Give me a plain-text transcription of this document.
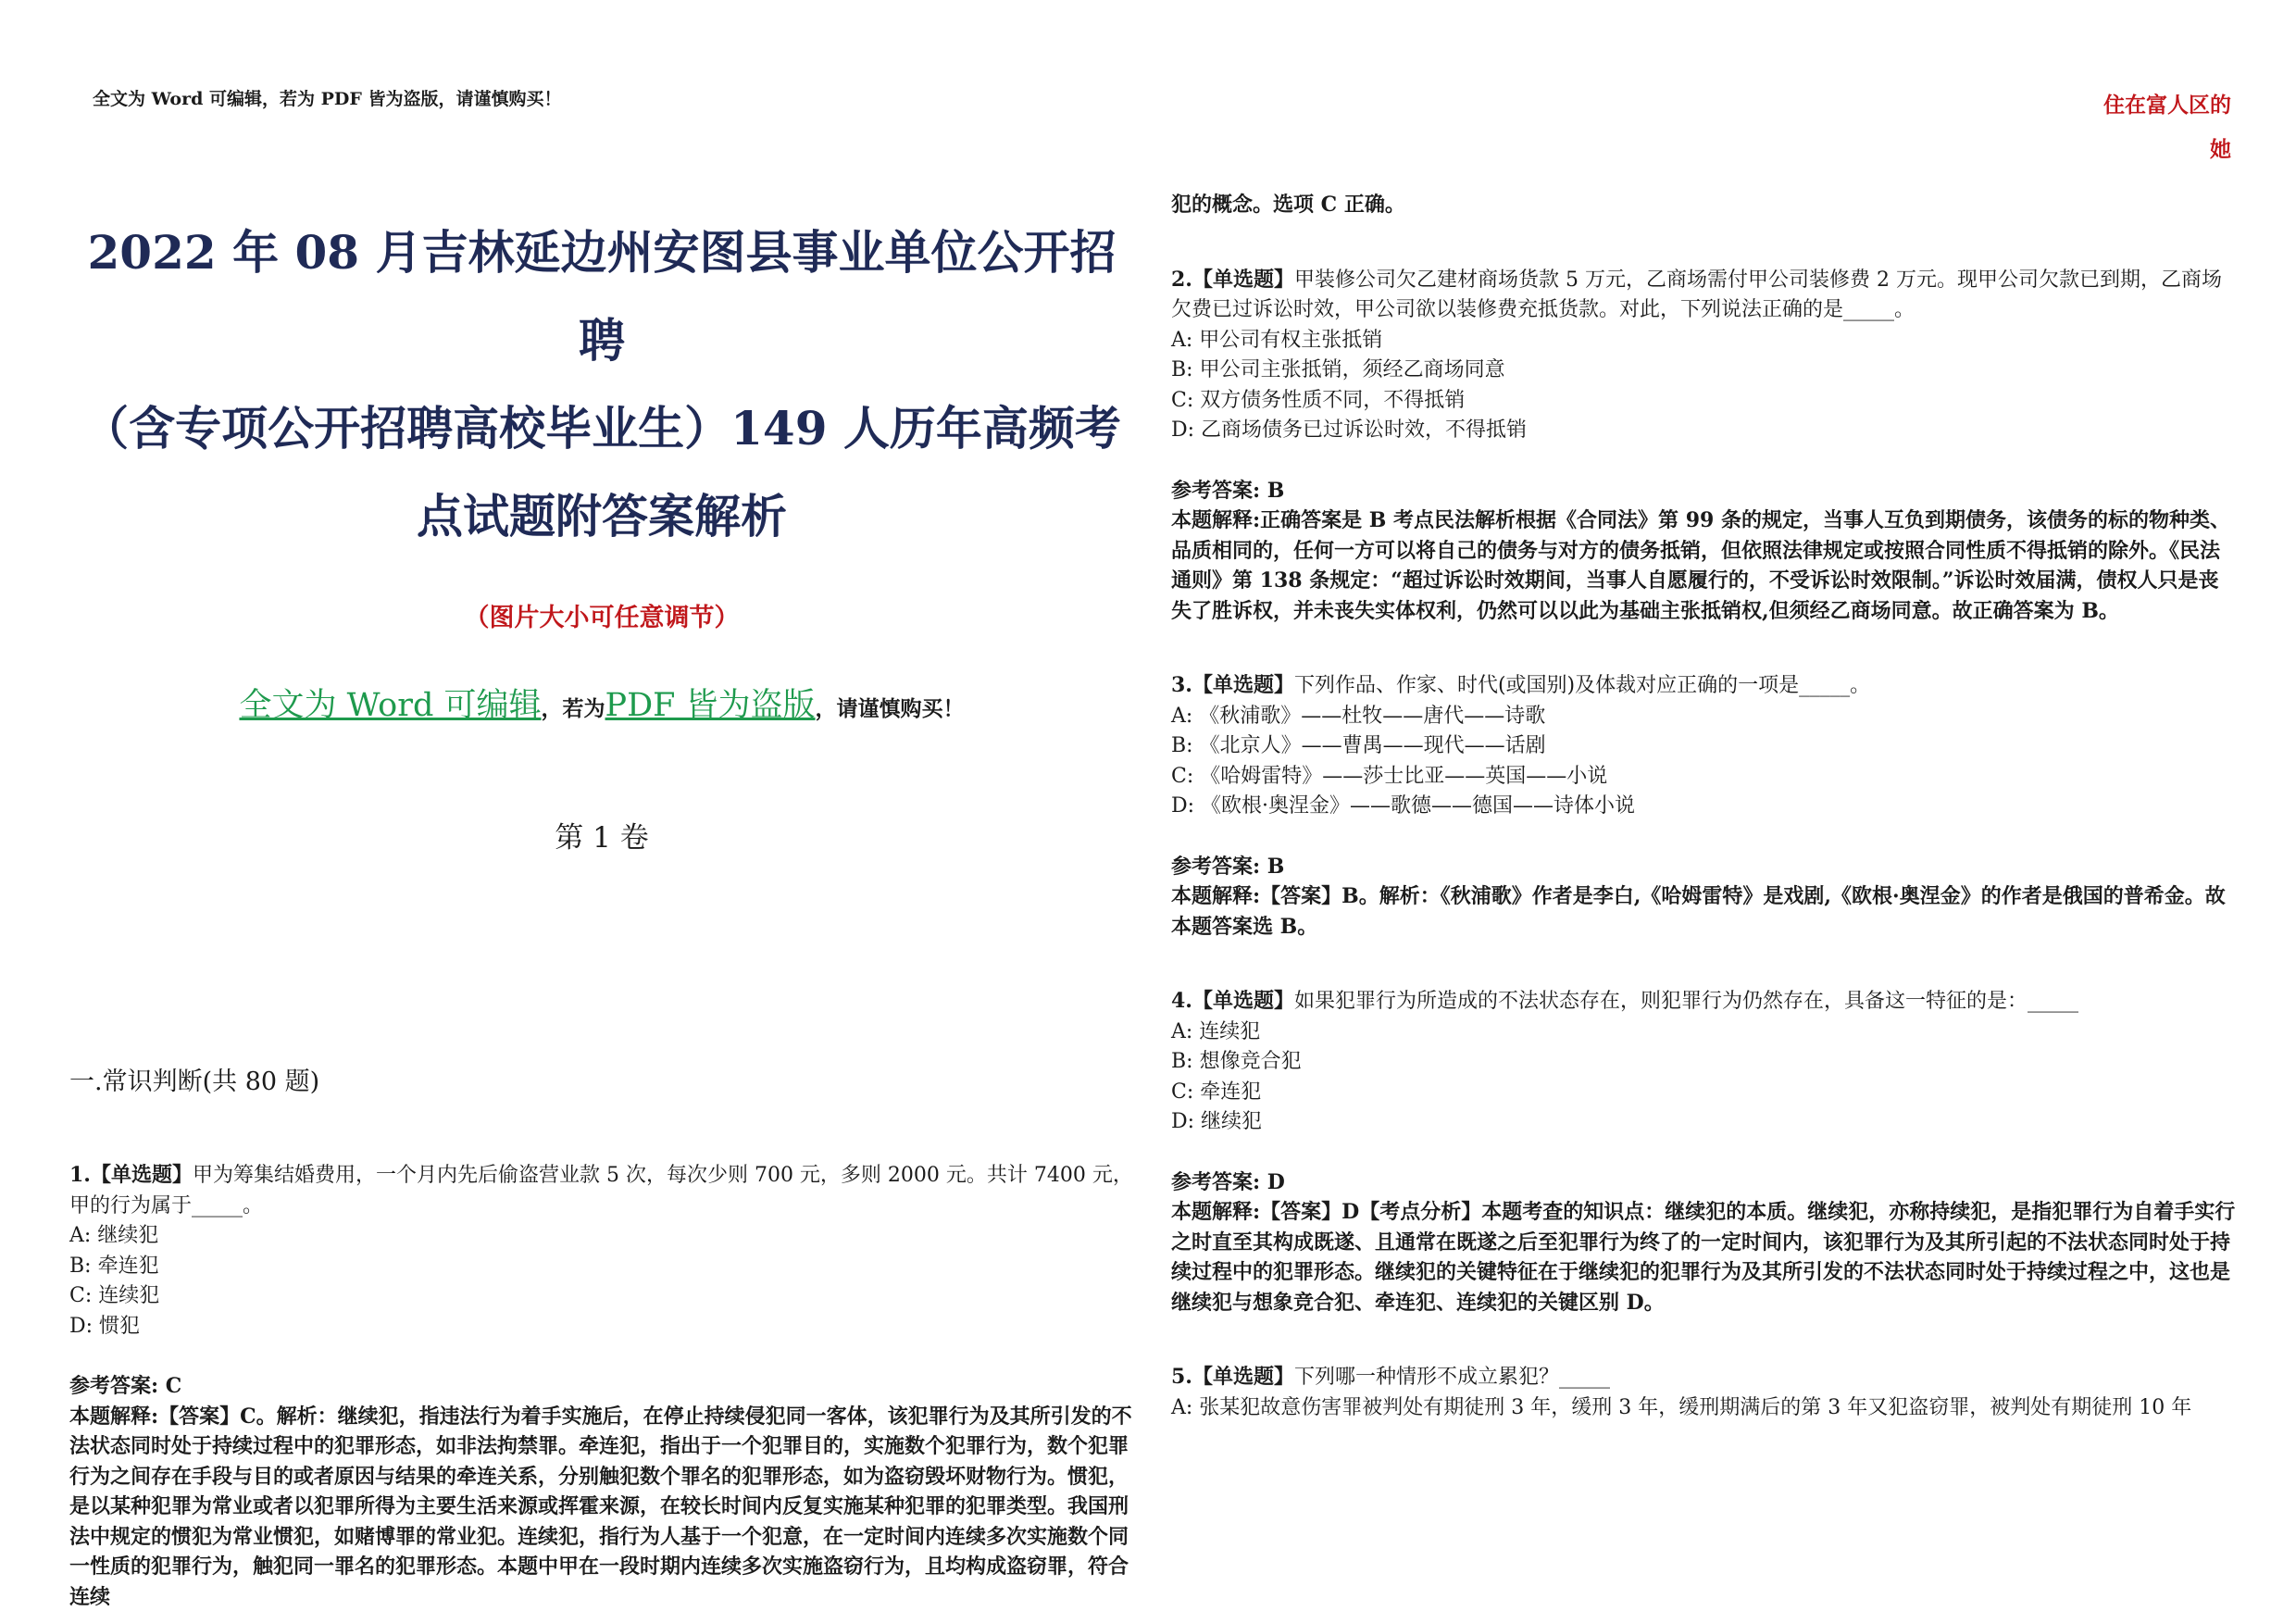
全文为 Word 可编辑，若为 PDF 皆为盗版，请谨慎购买！	住在富人区的
她
2022 年 08 月吉林延边州安图县事业单位公开招聘
（含专项公开招聘高校毕业生）149 人历年高频考
点试题附答案解析
（图片大小可任意调节）
全文为 Word 可编辑，若为PDF 皆为盗版，请谨慎购买！
第 1 卷
一.常识判断(共 80 题)

1.【单选题】甲为筹集结婚费用，一个月内先后偷盗营业款 5 次，每次少则 700 元，多则 2000 元。共计 7400 元，甲的行为属于_____。

A: 继续犯

B: 牵连犯

C: 连续犯

D: 惯犯

参考答案: C

本题解释:【答案】C。解析：继续犯，指违法行为着手实施后，在停止持续侵犯同一客体，该犯罪行为及其所引发的不法状态同时处于持续过程中的犯罪形态，如非法拘禁罪。牵连犯，指出于一个犯罪目的，实施数个犯罪行为，数个犯罪行为之间存在手段与目的或者原因与结果的牵连关系，分别触犯数个罪名的犯罪形态，如为盗窃毁坏财物行为。惯犯，是以某种犯罪为常业或者以犯罪所得为主要生活来源或挥霍来源，在较长时间内反复实施某种犯罪的犯罪类型。我国刑法中规定的惯犯为常业惯犯，如赌博罪的常业犯。连续犯，指行为人基于一个犯意，在一定时间内连续多次实施数个同一性质的犯罪行为，触犯同一罪名的犯罪形态。本题中甲在一段时期内连续多次实施盗窃行为，且均构成盗窃罪，符合连续

犯的概念。选项 C 正确。

2.【单选题】甲装修公司欠乙建材商场货款 5 万元，乙商场需付甲公司装修费 2 万元。现甲公司欠款已到期，乙商场欠费已过诉讼时效，甲公司欲以装修费充抵货款。对此，下列说法正确的是_____。

A: 甲公司有权主张抵销

B: 甲公司主张抵销，须经乙商场同意

C: 双方债务性质不同，不得抵销

D: 乙商场债务已过诉讼时效，不得抵销

参考答案: B

本题解释:正确答案是 B 考点民法解析根据《合同法》第 99 条的规定，当事人互负到期债务，该债务的标的物种类、品质相同的，任何一方可以将自己的债务与对方的债务抵销，但依照法律规定或按照合同性质不得抵销的除外。《民法通则》第 138 条规定：“超过诉讼时效期间，当事人自愿履行的，不受诉讼时效限制。”诉讼时效届满，债权人只是丧失了胜诉权，并未丧失实体权利，仍然可以以此为基础主张抵销权,但须经乙商场同意。故正确答案为 B。

3.【单选题】下列作品、作家、时代(或国别)及体裁对应正确的一项是_____。

A: 《秋浦歌》——杜牧——唐代——诗歌

B: 《北京人》——曹禺——现代——话剧

C: 《哈姆雷特》——莎士比亚——英国——小说

D: 《欧根·奥涅金》——歌德——德国——诗体小说

参考答案: B

本题解释:【答案】B。解析：《秋浦歌》作者是李白,《哈姆雷特》是戏剧,《欧根·奥涅金》的作者是俄国的普希金。故本题答案选 B。

4.【单选题】如果犯罪行为所造成的不法状态存在，则犯罪行为仍然存在，具备这一特征的是：_____

A: 连续犯

B: 想像竞合犯

C: 牵连犯

D: 继续犯

参考答案: D

本题解释:【答案】D【考点分析】本题考查的知识点：继续犯的本质。继续犯，亦称持续犯，是指犯罪行为自着手实行之时直至其构成既遂、且通常在既遂之后至犯罪行为终了的一定时间内，该犯罪行为及其所引起的不法状态同时处于持续过程中的犯罪形态。继续犯的关键特征在于继续犯的犯罪行为及其所引发的不法状态同时处于持续过程之中，这也是继续犯与想象竞合犯、牵连犯、连续犯的关键区别 D。

5.【单选题】下列哪一种情形不成立累犯？_____

A: 张某犯故意伤害罪被判处有期徒刑 3 年，缓刑 3 年，缓刑期满后的第 3 年又犯盗窃罪，被判处有期徒刑 10 年
